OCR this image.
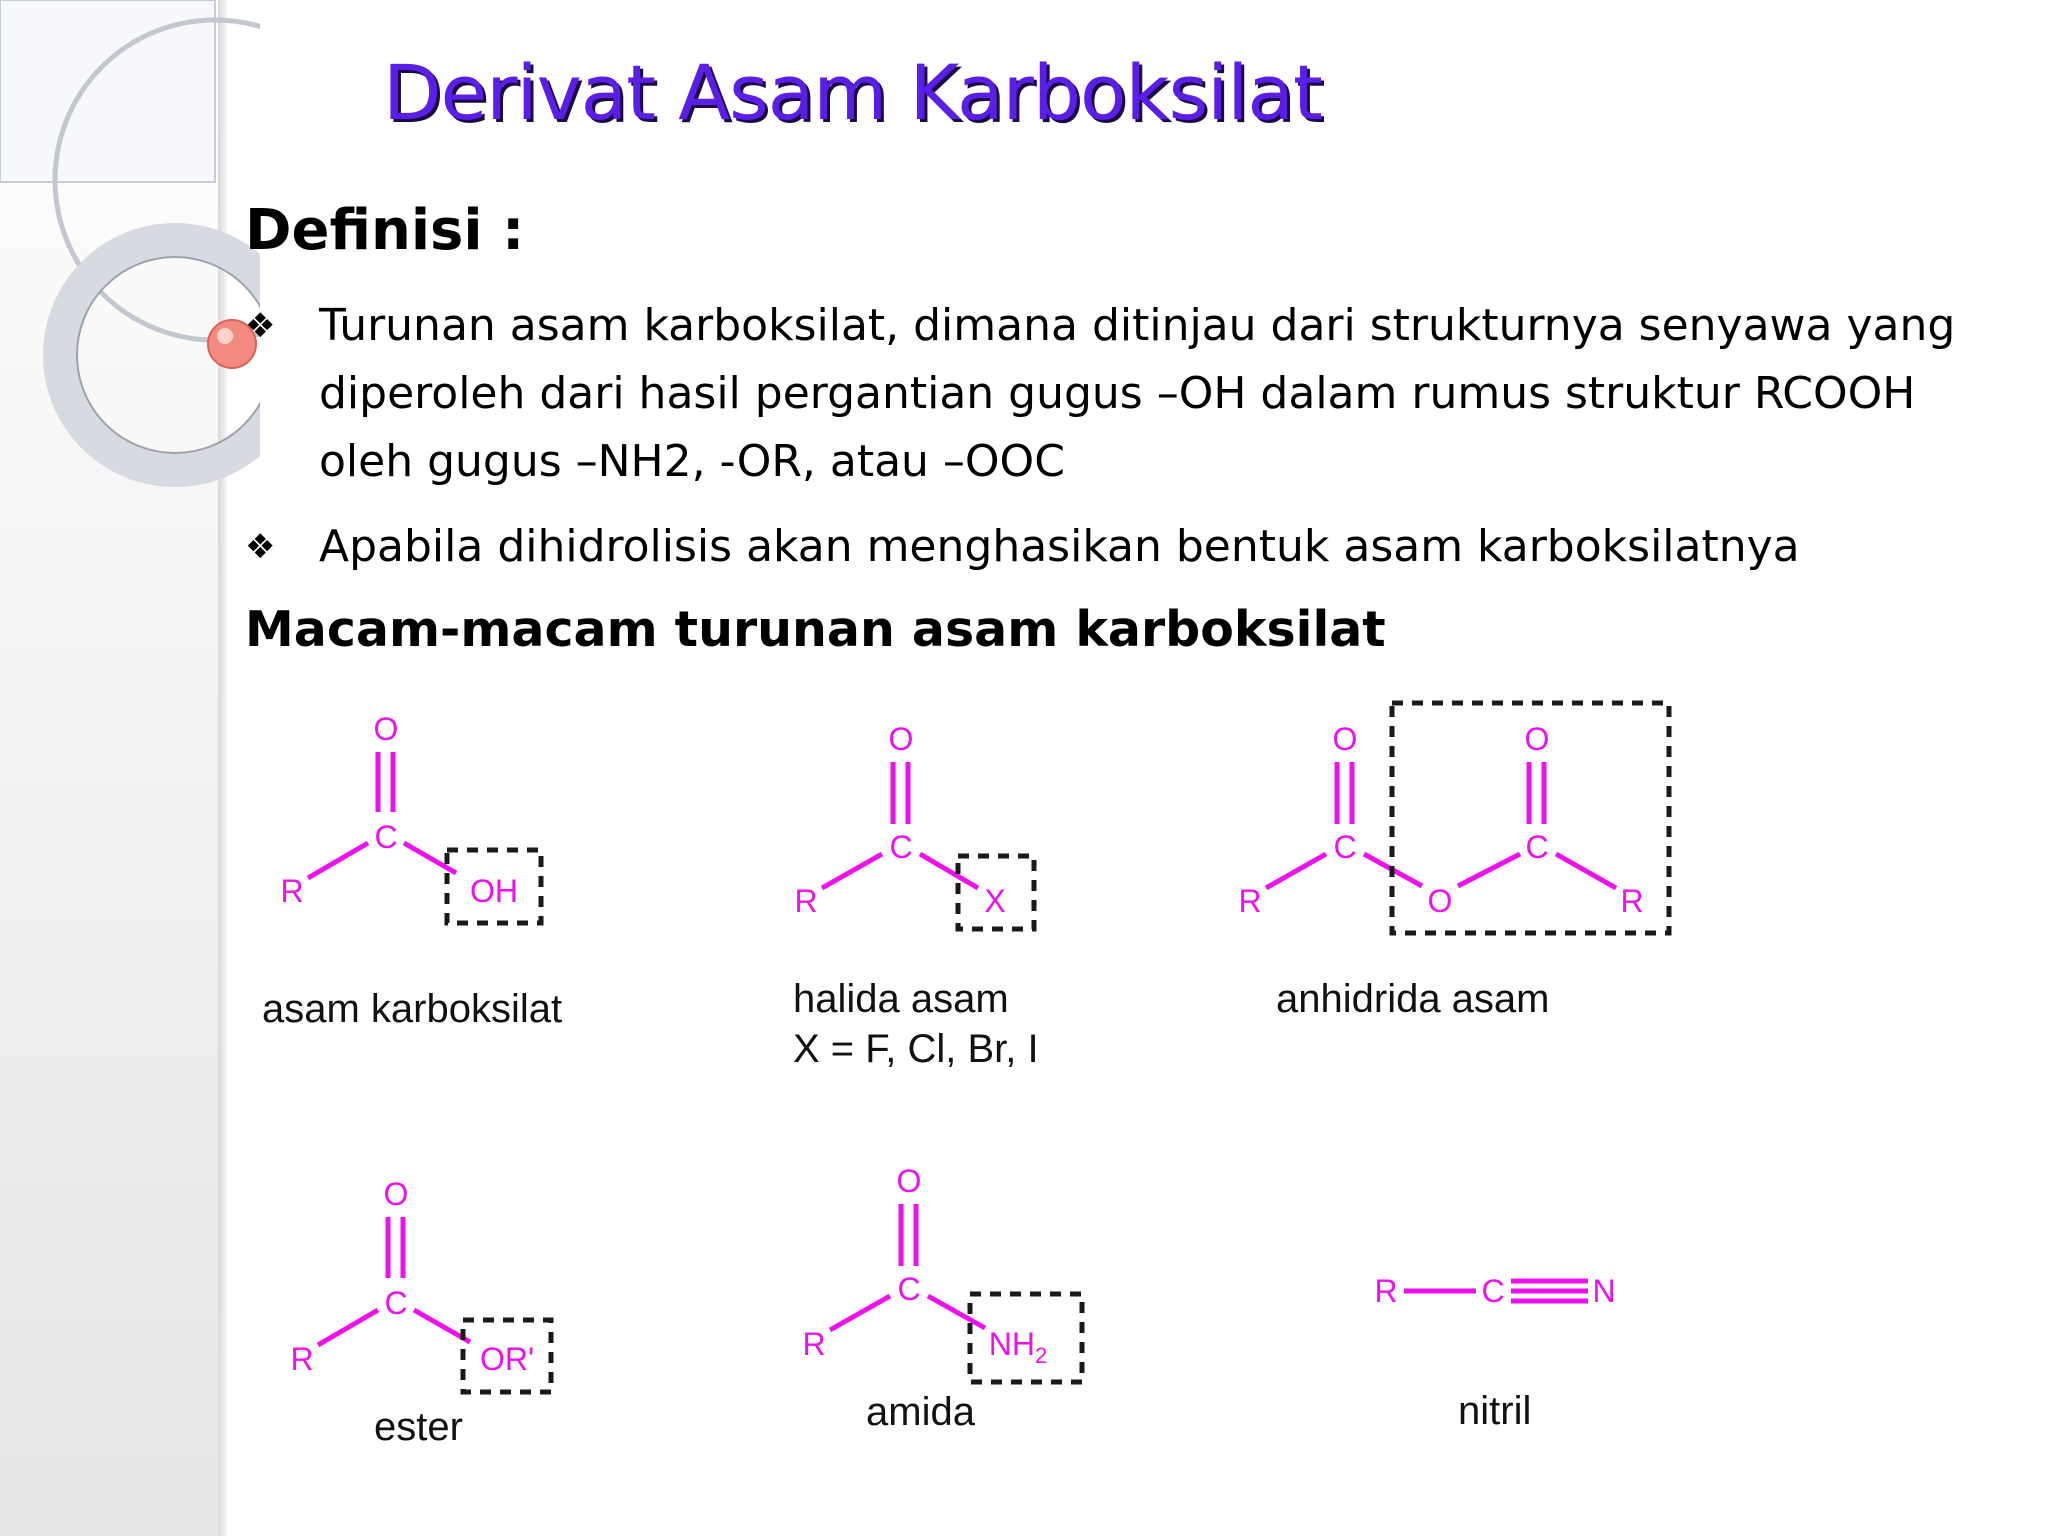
Derivat Asam Karboksilat
Definisi :
❖ Turunan asam karboksilat, dimana ditinjau dari strukturnya senyawa yang diperoleh dari hasil pergantian gugus –OH dalam rumus struktur RCOOH oleh gugus –NH2, -OR, atau –OOC
❖ Apabila dihidrolisis akan menghasikan bentuk asam karboksilatnya
Macam-macam turunan asam karboksilat
O
C
R	OH
asam karboksilat
O
C
R	X
halida asam
X = F, Cl, Br, I
O
C
R	O
C
O
R
anhidrida asam
O
C
R	OR'
ester
O
C
R	$NH_2$
amida
R	C	N
nitril
